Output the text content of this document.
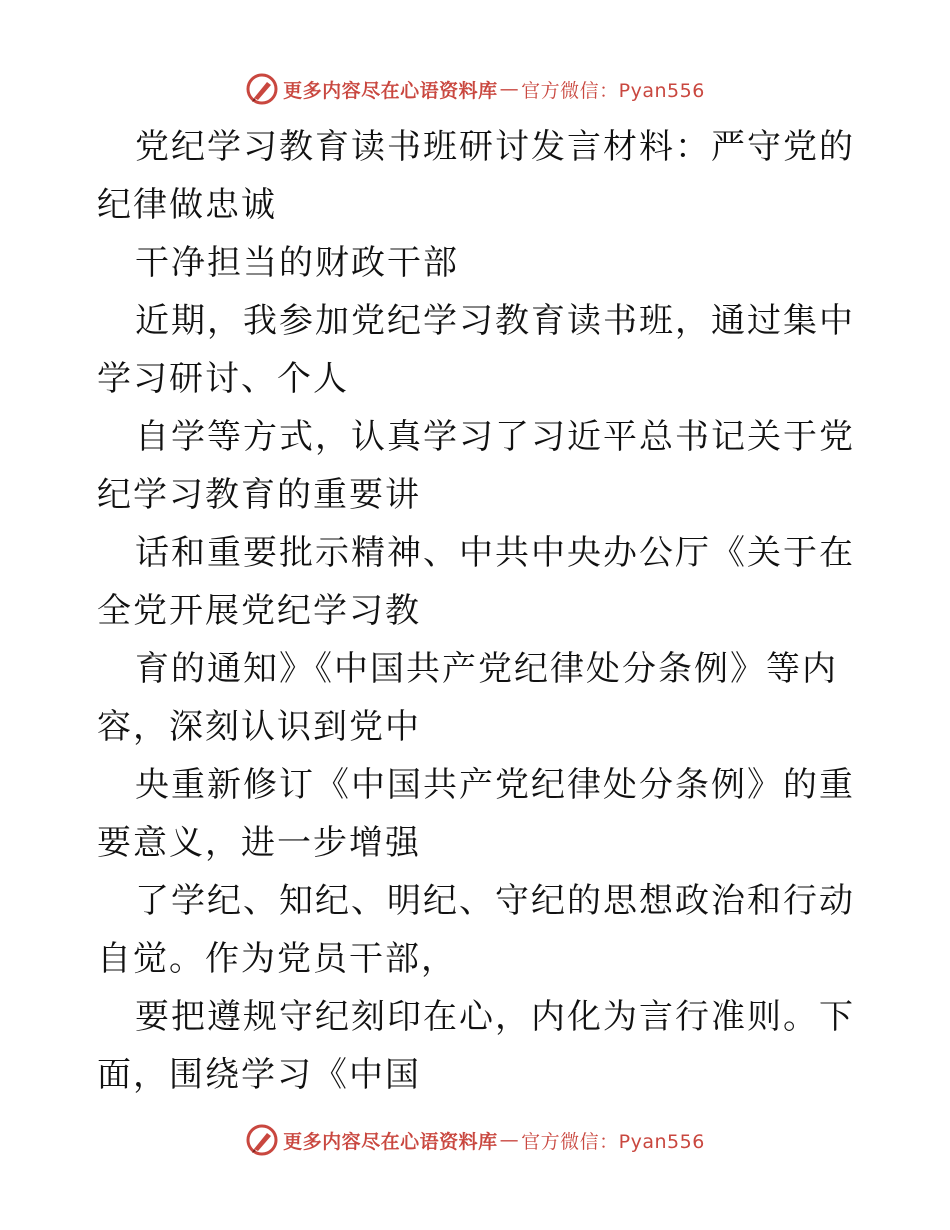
更多内容尽在心语资料库 — 官方微信：Pyan556

党纪学习教育读书班研讨发言材料：严守党的纪律做忠诚

干净担当的财政干部

近期，我参加党纪学习教育读书班，通过集中学习研讨、个人

自学等方式，认真学习了习近平总书记关于党纪学习教育的重要讲

话和重要批示精神、中共中央办公厅《关于在全党开展党纪学习教

育的通知》《中国共产党纪律处分条例》等内容，深刻认识到党中

央重新修订《中国共产党纪律处分条例》的重要意义，进一步增强

了学纪、知纪、明纪、守纪的思想政治和行动自觉。作为党员干部，

要把遵规守纪刻印在心，内化为言行准则。下面，围绕学习《中国

更多内容尽在心语资料库 — 官方微信：Pyan556
